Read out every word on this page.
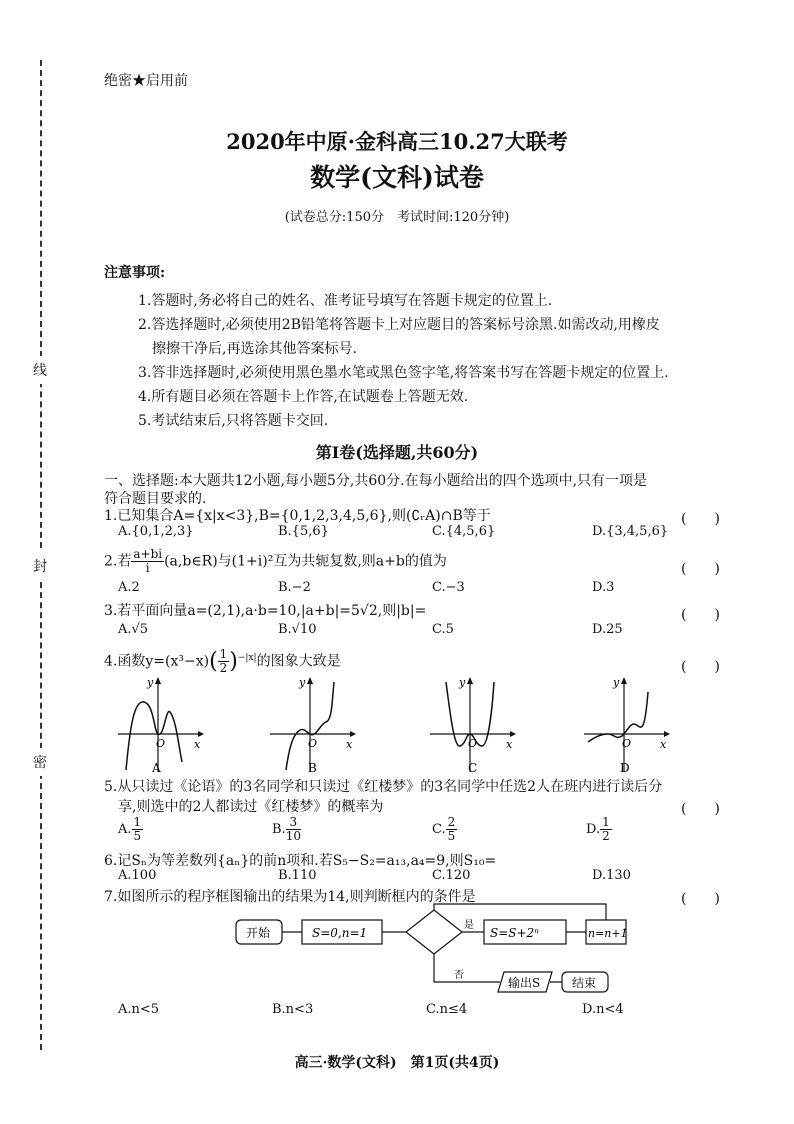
线
封
密
绝密★启用前
2020年中原·金科高三10.27大联考
数学(文科)试卷
(试卷总分:150分　考试时间:120分钟)
注意事项:
1.答题时,务必将自己的姓名、准考证号填写在答题卡规定的位置上.
2.答选择题时,必须使用2B铅笔将答题卡上对应题目的答案标号涂黑.如需改动,用橡皮
擦擦干净后,再选涂其他答案标号.
3.答非选择题时,必须使用黑色墨水笔或黑色签字笔,将答案书写在答题卡规定的位置上.
4.所有题目必须在答题卡上作答,在试题卷上答题无效.
5.考试结束后,只将答题卡交回.
第Ⅰ卷(选择题,共60分)
一、选择题:本大题共12小题,每小题5分,共60分.在每小题给出的四个选项中,只有一项是
符合题目要求的.
1.已知集合A={x|x<3},B={0,1,2,3,4,5,6},则(∁ᵣA)∩B等于	(　　)
A.{0,1,2,3}	B.{5,6}	C.{4,5,6}	D.{3,4,5,6}
2.若 $\frac{a+bi}{i}$ (a,b∈R)与(1+i)²互为共轭复数,则a+b的值为	(　　)
A.2	B.−2	C.−3	D.3
3.若平面向量a=(2,1),a·b=10,|a+b|=5√2,则|b|=	(　　)
A.√5	B.√10	C.5	D.25
4.函数$y=(x^3-x)( \frac{1}{2} )^{-|x|}$的图象大致是	(　　)
y
x
O
A
y
x
O
B
y
x
O
C
y
x
O
D
5.从只读过《论语》的3名同学和只读过《红楼梦》的3名同学中任选2人在班内进行读后分
享,则选中的2人都读过《红楼梦》的概率为	(　　)
A. $\frac{1}{5}$	B. $\frac{3}{10}$	C. $\frac{2}{5}$	D. $\frac{1}{2}$
6.记Sₙ为等差数列{aₙ}的前n项和.若S₅−S₂=a₁₃,a₄=9,则S₁₀=
A.100	B.110	C.120	D.130
7.如图所示的程序框图输出的结果为14,则判断框内的条件是	(　　)
开始	S=0,n=1
是
否
S=S+2ⁿ	n=n+1
输出S	结束
A.n<5	B.n<3	C.n≤4	D.n<4
高三·数学(文科)　第1页(共4页)
